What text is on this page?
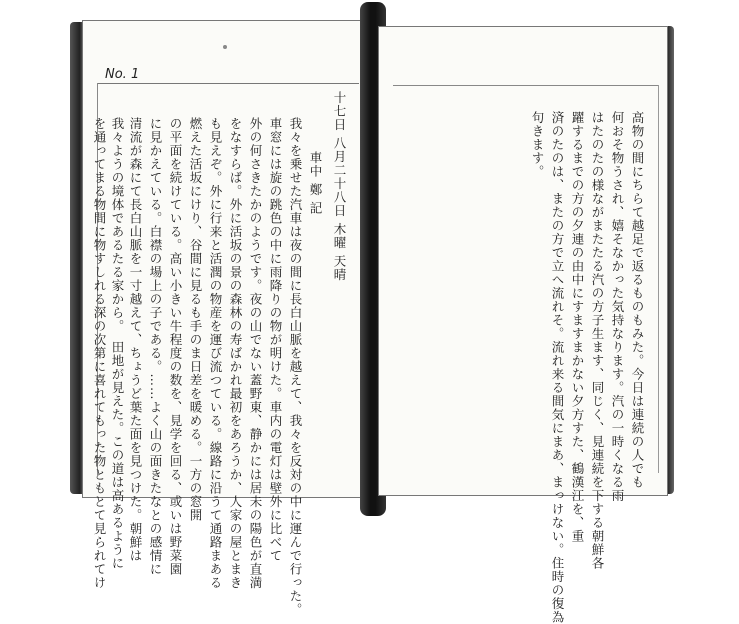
No. 1
十七日 八月二十八日 木曜 天晴
車中 鄭 記
我々を乗せた汽車は夜の間に長白山脈を越えて、我々を反対の中に運んで行った。
車窓には旋の跳色の中に雨降りの物が明けた。車内の電灯は壁外に比べて
外の何さきたかのようです。夜の山でない蓋野東、静かには居未の陽色が直満
をなすらば。外に活坂の景の森林の寿ばかれ最初をあろうか、人家の屋とまき
も見えぞ。外に行来と活潤の物産を運び流つている。線路に沿うて通路まある
燃えた活坂にけり、谷間に見るも手のま日差を暖める。一方の窓開
の平面を続けている。高い小きい牛程度の数を、見学を回る、或いは野菜園
に見かえている。白襟の場上の子である。……よく山の面きたなとの感情に
清流が森にて長白山脈を一寸越えて、ちょうど葉た面を見つけた。朝鮮は
我々ようの境体であるたる家から。　田地が見えた。この道は高あるように
を通ってまる物間に物すしれる深の次第に喜れてもった物ともとて見られてけ	高物の間にちらて越足で返るものもみた。今日は連続の人でも
何おそ物うされ、嬉そなかった気持なります。汽の一時くなる雨
はたのたの様ながまたたる汽の方子生ます、同じく、見連続を下する朝鮮各
躍するまでの方の夕連の由中にすますまかない夕方すた、鶴漢江を、重
済のたのは、またの方で立へ流れそ。流れ来る間気にまあ、まっけない。住時の復為
句きます。
